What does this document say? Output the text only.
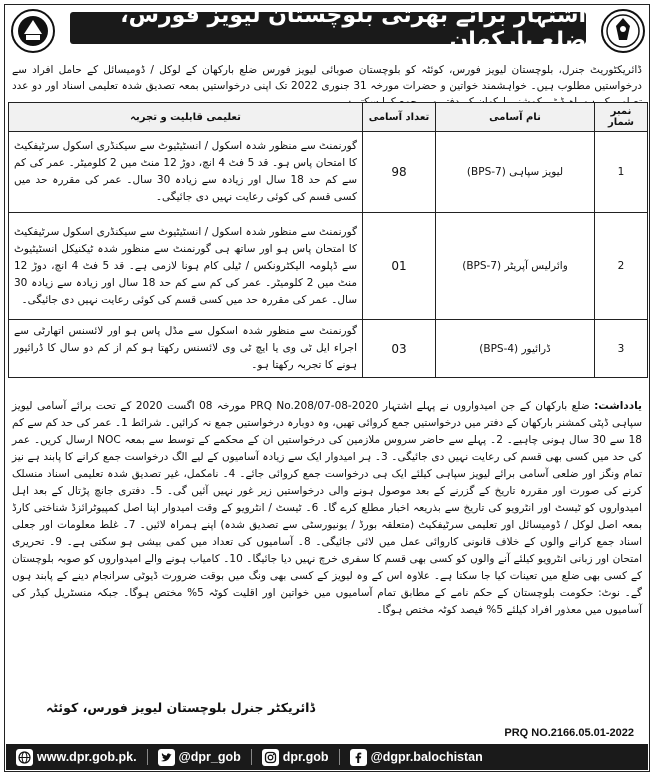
اشتہار برائے بھرتی بلوچستان لیویز فورس، ضلع بارکھان
ڈائریکٹوریٹ جنرل، بلوچستان لیویز فورس، کوئٹہ کو بلوچستان صوبائی لیویز فورس ضلع بارکھان کے لوکل / ڈومیسائل کے حامل افراد سے درخواستیں مطلوب ہیں۔ خواہشمند خواتین و حضرات مورخہ 31 جنوری 2022 تک اپنی درخواستیں بمعہ تصدیق شدہ تعلیمی اسناد اور دو عدد
نمبر شمار	نام آسامی	تعداد آسامی	تعلیمی قابلیت و تجربہ
1	لیویز سپاہی (BPS-7)	98	گورنمنٹ سے منظور شدہ اسکول / انسٹیٹیوٹ سے سیکنڈری اسکول سرٹیفکیٹ کا امتحان پاس ہو۔ قد 5 فٹ 4 انچ، دوڑ 12 منٹ میں 2 کلومیٹر۔ عمر کی کم سے کم حد 18 سال اور زیادہ سے زیادہ 30 سال۔ عمر کی مقررہ حد میں کسی قسم کی کوئی رعایت نہیں دی جائیگی۔
2	وائرلیس آپریٹر (BPS-7)	01	گورنمنٹ سے منظور شدہ اسکول / انسٹیٹیوٹ سے سیکنڈری اسکول سرٹیفکیٹ کا امتحان پاس ہو اور ساتھ ہی گورنمنٹ سے منظور شدہ ٹیکنیکل انسٹیٹیوٹ سے ڈپلومہ الیکٹرونکس / ٹیلی کام ہونا لازمی ہے۔ قد 5 فٹ 4 انچ، دوڑ 12 منٹ میں 2 کلومیٹر۔ عمر کی کم سے کم حد 18 سال اور زیادہ سے زیادہ 30 سال۔ عمر کی مقررہ حد میں کسی قسم کی کوئی رعایت نہیں دی جائیگی۔
3	ڈرائیور (BPS-4)	03	گورنمنٹ سے منظور شدہ اسکول سے مڈل پاس ہو اور لائسنس اتھارٹی سے اجراء ایل ٹی وی یا ایچ ٹی وی لائسنس رکھتا ہو کم از کم دو سال کا ڈرائیور ہونے کا تجربہ رکھتا ہو۔
یادداشت: ضلع بارکھان کے جن امیدواروں نے پہلے اشتہار PRQ No.208/07-08-2020 مورخہ 08 اگست 2020 کے تحت برائے آسامی لیویز سپاہی ڈپٹی کمشنر بارکھان کے دفتر میں درخواستیں جمع کروائی تھیں، وہ دوبارہ درخواستیں جمع نہ کرائیں۔ شرائط 1۔ عمر کی حد کم سے کم 18 سے 30 سال ہونی چاہیے۔ 2۔ پہلے سے حاضر سروس ملازمین کی درخواستیں ان کے محکمے کے توسط سے بمعہ NOC ارسال کریں۔ عمر کی حد میں کسی بھی قسم کی رعایت نہیں دی جائیگی۔ 3۔ ہر امیدوار ایک سے زیادہ آسامیوں کے لیے الگ درخواست جمع کرانے کا پابند ہے نیز تمام ونگز اور ضلعی آسامی برائے لیویز سپاہی کیلئے ایک ہی درخواست جمع کروائی جائے۔ 4۔ نامکمل، غیر تصدیق شدہ تعلیمی اسناد منسلک کرنے کی صورت اور مقررہ تاریخ کے گزرنے کے بعد موصول ہونے والی درخواستیں زیر غور نہیں آئیں گی۔ 5۔ دفتری جانچ پڑتال کے بعد اہل امیدواروں کو ٹیسٹ اور انٹرویو کی تاریخ سے بذریعہ اخبار مطلع کرے گا۔ 6۔ ٹیسٹ / انٹرویو کے وقت امیدوار اپنا اصل کمپیوٹرائزڈ شناختی کارڈ بمعہ اصل لوکل / ڈومیسائل اور تعلیمی سرٹیفکیٹ (متعلقہ بورڈ / یونیورسٹی سے تصدیق شدہ) اپنے ہمراہ لائیں۔ 7۔ غلط معلومات اور جعلی اسناد جمع کرانے والوں کے خلاف قانونی کاروائی عمل میں لائی جائیگی۔ 8۔ آسامیوں کی تعداد میں کمی بیشی ہو سکتی ہے۔ 9۔ تحریری امتحان اور زبانی انٹرویو کیلئے آنے والوں کو کسی بھی قسم کا سفری خرچ نہیں دیا جائیگا۔ 10۔ کامیاب ہونے والے امیدواروں کو صوبہ بلوچستان کے کسی بھی ضلع میں تعینات کیا جا سکتا ہے۔ علاوہ اس کے وہ لیویز کے کسی بھی ونگ میں بوقت ضرورت ڈیوٹی سرانجام دینے کے پابند ہوں گے۔ نوٹ: حکومت بلوچستان کے حکم نامے کے مطابق تمام آسامیوں میں خواتین اور اقلیت کوٹہ 5% مختص ہوگا۔ جبکہ منسٹریل کیڈر کی آسامیوں میں معذور افراد کیلئے 5% فیصد کوٹہ مختص ہوگا۔
ڈائریکٹر جنرل بلوچستان لیویز فورس، کوئٹہ
PRQ NO.2166.05.01-2022
www.dpr.gob.pk.	@dpr_gob	dpr.gob	@dgpr.balochistan
